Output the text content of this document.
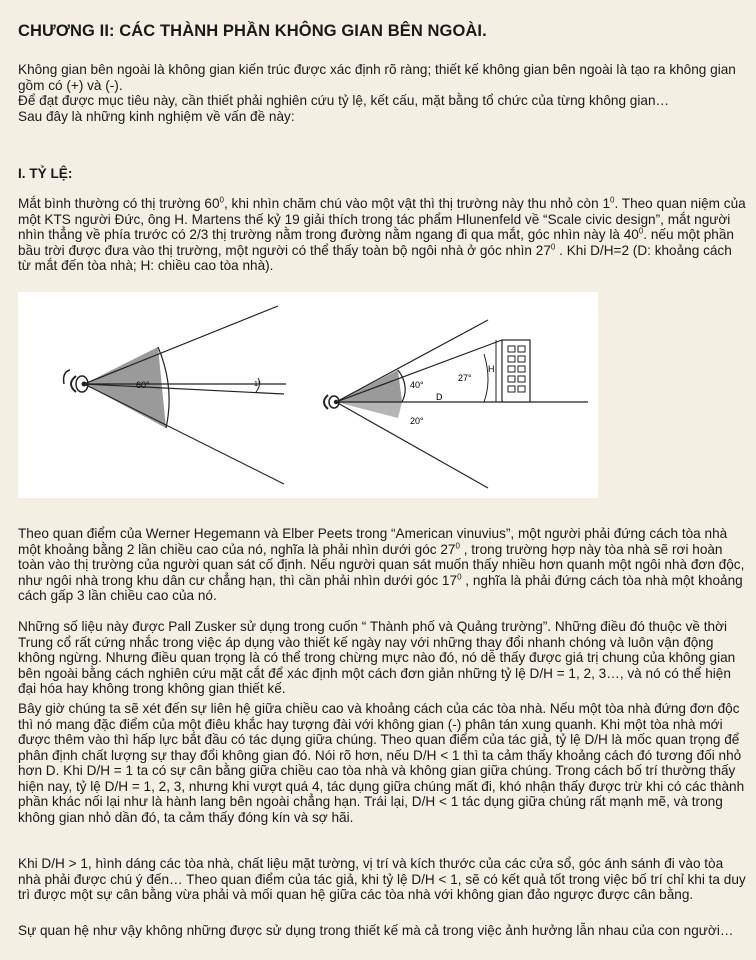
CHƯƠNG II: CÁC THÀNH PHẦN KHÔNG GIAN BÊN NGOÀI.

Không gian bên ngoài là không gian kiến trúc được xác định rõ ràng; thiết kế không gian bên ngoài là tạo ra không gian gồm có (+) và (-).

Để đạt được mục tiêu này, cần thiết phải nghiên cứu tỷ lệ, kết cấu, mặt bằng tổ chức của từng không gian…

Sau đây là những kinh nghiệm về vấn đề này:

I. TỶ LỆ:
Mắt bình thường có thị trường $60^0$, khi nhìn chăm chú vào một vật thì thị trường này thu nhỏ còn $1^0$. Theo quan niệm của một KTS người Đức, ông H. Martens thế kỷ 19 giải thích trong tác phẩm Hlunenfeld về “Scale civic design”, mắt người nhìn thẳng về phía trước có 2/3 thị trường nằm trong đường nằm ngang đi qua mắt, góc nhìn này là $40^0$. nếu một phần bầu trời được đưa vào thị trường, một người có thể thấy toàn bộ ngôi nhà ở góc nhìn $27^0$ . Khi D/H=2 (D: khoảng cách từ mắt đến tòa nhà; H: chiều cao tòa nhà).
1°
60°	40°
27°
20°
D
H
Theo quan điểm của Werner Hegemann và Elber Peets trong “American vinuvius”, một người phải đứng cách tòa nhà một khoảng bằng 2 lần chiều cao của nó, nghĩa là phải nhìn dưới góc $27^0$ , trong trường hợp này tòa nhà sẽ rơi hoàn toàn vào thị trường của người quan sát cố định. Nếu người quan sát muốn thấy nhiều hơn quanh một ngôi nhà đơn độc, như ngôi nhà trong khu dân cư chẳng hạn, thì cần phải nhìn dưới góc $17^0$ , nghĩa là phải đứng cách tòa nhà một khoảng cách gấp 3 lần chiều cao của nó.
Những số liệu này được Pall Zusker sử dụng trong cuốn “ Thành phố và Quảng trường”. Những điều đó thuộc về thời Trung cổ rất cứng nhắc trong việc áp dụng vào thiết kế ngày nay với những thay đổi nhanh chóng và luôn vận động không ngừng. Nhưng điều quan trọng là có thể trong chừng mực nào đó, nó dễ thấy được giá trị chung của không gian bên ngoài bằng cách nghiên cứu mặt cắt để xác định một cách đơn giản những tỷ lệ D/H = 1, 2, 3…, và nó có thể hiện đại hóa hay không trong không gian thiết kế.
Bây giờ chúng ta sẽ xét đến sự liên hệ giữa chiều cao và khoảng cách của các tòa nhà. Nếu một tòa nhà đứng đơn độc thì nó mang đặc điểm của một điêu khắc hay tượng đài với không gian (-) phân tán xung quanh. Khi một tòa nhà mới được thêm vào thì hấp lực bắt đầu có tác dụng giữa chúng. Theo quan điểm của tác giả, tỷ lệ D/H là mốc quan trọng để phân định chất lượng sự thay đổi không gian đó. Nói rõ hơn, nếu D/H < 1 thì ta cảm thấy khoảng cách đó tương đối nhỏ hơn D. Khi D/H = 1 ta có sự cân bằng giữa chiều cao tòa nhà và không gian giữa chúng. Trong cách bố trí thường thấy hiện nay, tỷ lệ D/H = 1, 2, 3, nhưng khi vượt quá 4, tác dụng giữa chúng mất đi, khó nhận thấy được trừ khi có các thành phần khác nối lại như là hành lang bên ngoài chẳng hạn. Trái lại, D/H < 1 tác dụng giữa chúng rất mạnh mẽ, và trong không gian nhỏ dần đó, ta cảm thấy đóng kín và sợ hãi.
Khi D/H > 1, hình dáng các tòa nhà, chất liệu mặt tường, vị trí và kích thước của các cửa sổ, góc ánh sánh đi vào tòa nhà phải được chú ý đến… Theo quan điểm của tác giả, khi tỷ lệ D/H < 1, sẽ có kết quả tốt trong việc bố trí chỉ khi ta duy trì được một sự cân bằng vừa phải và mối quan hệ giữa các tòa nhà với không gian đảo ngược được cân bằng.
Sự quan hệ như vậy không những được sử dụng trong thiết kế mà cả trong việc ảnh hưởng lẫn nhau của con người…
